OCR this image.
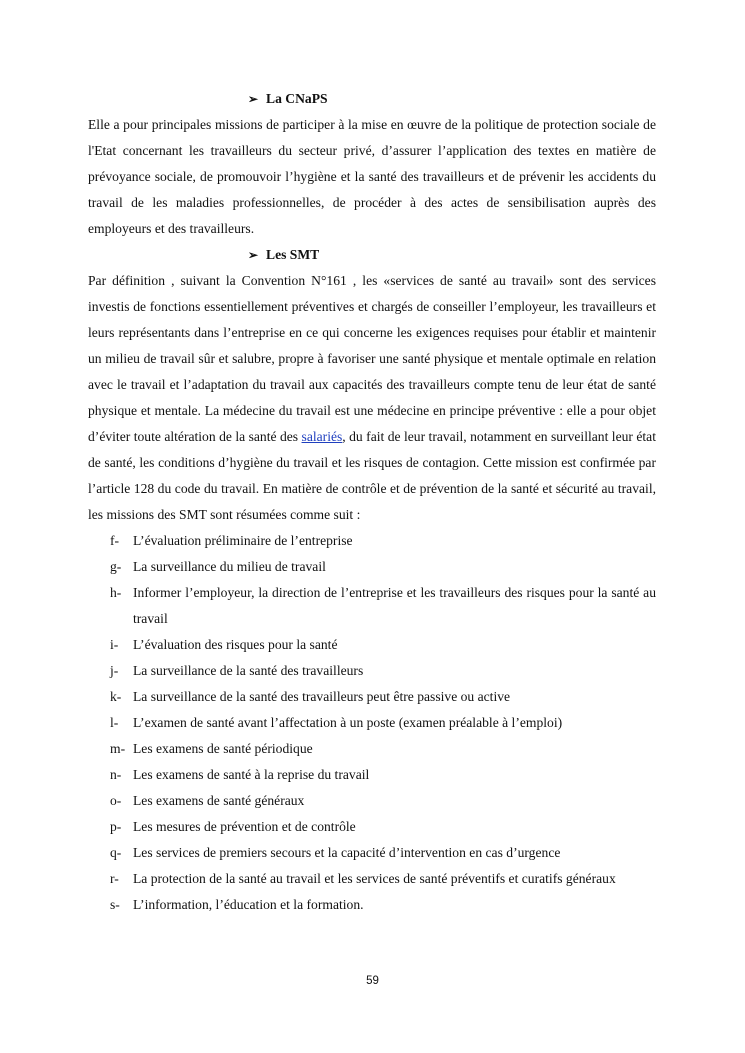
➢ La CNaPS

Elle a pour principales missions de participer à la mise en œuvre de la politique de protection sociale de l'Etat concernant les travailleurs du secteur privé, d’assurer l’application des textes en matière de prévoyance sociale, de promouvoir l’hygiène et la santé des travailleurs et de prévenir les accidents du travail de les maladies professionnelles, de procéder à des actes de sensibilisation auprès des employeurs et des travailleurs.

➢ Les SMT

Par définition , suivant la Convention N°161 , les «services de santé au travail» sont des services investis de fonctions essentiellement préventives et chargés de conseiller l’employeur, les travailleurs et leurs représentants dans l’entreprise en ce qui concerne les exigences requises pour établir et maintenir un milieu de travail sûr et salubre, propre à favoriser une santé physique et mentale optimale en relation avec le travail et l’adaptation du travail aux capacités des travailleurs compte tenu de leur état de santé physique et mentale. La médecine du travail est une médecine en principe préventive : elle a pour objet d’éviter toute altération de la santé des salariés, du fait de leur travail, notamment en surveillant leur état de santé, les conditions d’hygiène du travail et les risques de contagion. Cette mission est confirmée par l’article 128 du code du travail. En matière de contrôle et de prévention de la santé et sécurité au travail, les missions des SMT sont résumées comme suit :

f- L’évaluation préliminaire de l’entreprise
g- La surveillance du milieu de travail
h- Informer l’employeur, la direction de l’entreprise et les travailleurs des risques pour la santé au travail
i- L’évaluation des risques pour la santé
j- La surveillance de la santé des travailleurs
k- La surveillance de la santé des travailleurs peut être passive ou active
l- L’examen de santé avant l’affectation à un poste (examen préalable à l’emploi)
m- Les examens de santé périodique
n- Les examens de santé à la reprise du travail
o- Les examens de santé généraux
p- Les mesures de prévention et de contrôle
q- Les services de premiers secours et la capacité d’intervention en cas d’urgence
r- La protection de la santé au travail et les services de santé préventifs et curatifs généraux
s- L’information, l’éducation et la formation.
59
